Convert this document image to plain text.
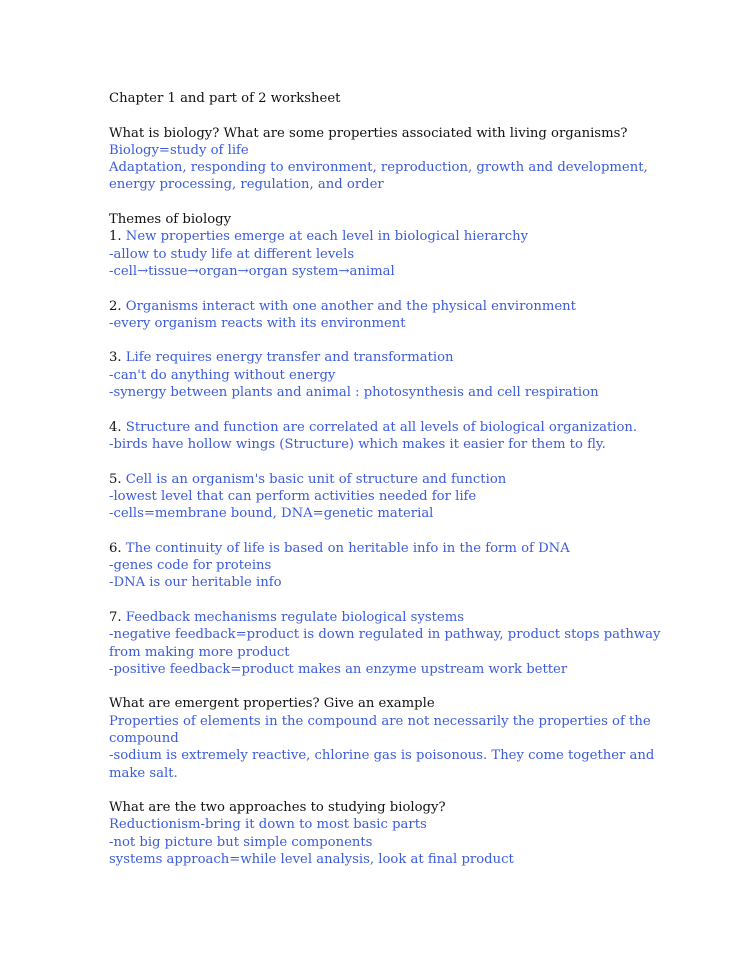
Chapter 1 and part of 2 worksheet

What is biology? What are some properties associated with living organisms?

Biology=study of life

Adaptation, responding to environment, reproduction, growth and development,

energy processing, regulation, and order

Themes of biology

1. New properties emerge at each level in biological hierarchy

-allow to study life at different levels

-cell→tissue→organ→organ system→animal

2. Organisms interact with one another and the physical environment

-every organism reacts with its environment

3. Life requires energy transfer and transformation

-can't do anything without energy

-synergy between plants and animal : photosynthesis and cell respiration

4. Structure and function are correlated at all levels of biological organization.

-birds have hollow wings (Structure) which makes it easier for them to fly.

5. Cell is an organism's basic unit of structure and function

-lowest level that can perform activities needed for life

-cells=membrane bound, DNA=genetic material

6. The continuity of life is based on heritable info in the form of DNA

-genes code for proteins

-DNA is our heritable info

7. Feedback mechanisms regulate biological systems

-negative feedback=product is down regulated in pathway, product stops pathway

from making more product

-positive feedback=product makes an enzyme upstream work better

What are emergent properties? Give an example

Properties of elements in the compound are not necessarily the properties of the

compound

-sodium is extremely reactive, chlorine gas is poisonous. They come together and

make salt.

What are the two approaches to studying biology?

Reductionism-bring it down to most basic parts

-not big picture but simple components

systems approach=while level analysis, look at final product
